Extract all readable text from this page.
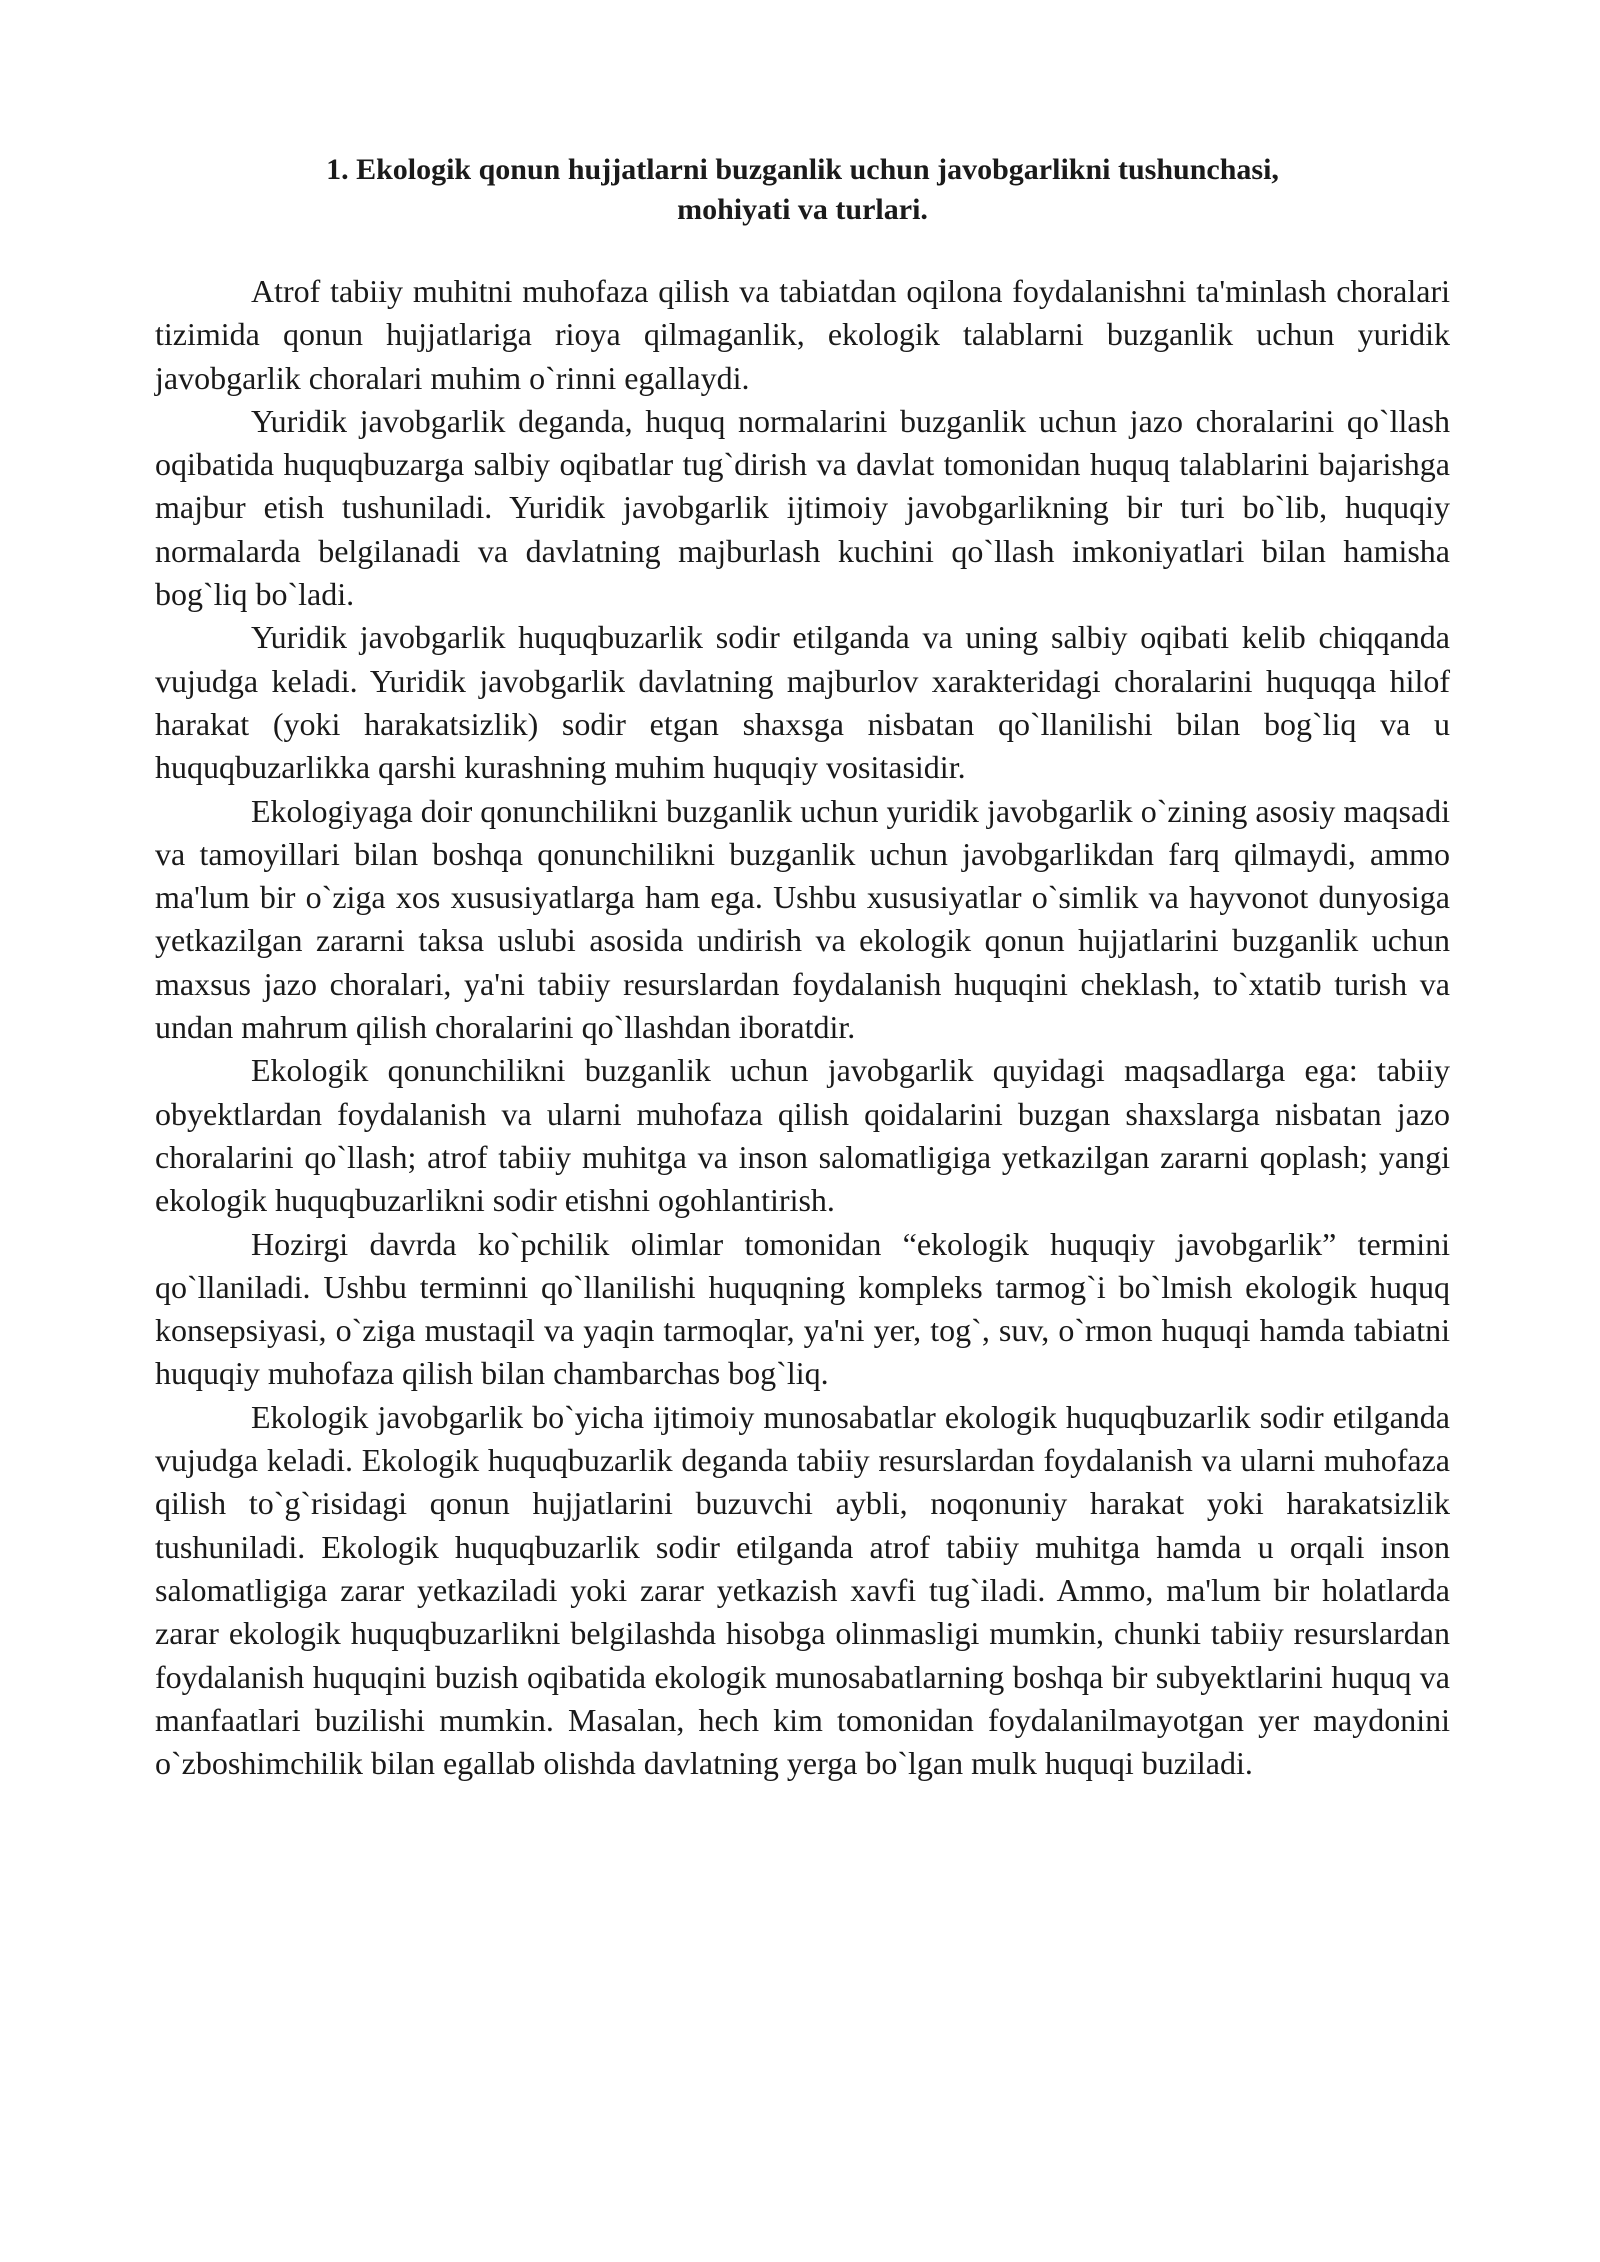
1. Ekologik qonun hujjatlarni buzganlik uchun javobgarlikni tushunchasi,
mohiyati va turlari.

Atrof tabiiy muhitni muhofaza qilish va tabiatdan oqilona foydalanishni ta'minlash choralari tizimida qonun hujjatlariga rioya qilmaganlik, ekologik talablarni buzganlik uchun yuridik javobgarlik choralari muhim o`rinni egallaydi.

Yuridik javobgarlik deganda, huquq normalarini buzganlik uchun jazo choralarini qo`llash oqibatida huquqbuzarga salbiy oqibatlar tug`dirish va davlat tomonidan huquq talablarini bajarishga majbur etish tushuniladi. Yuridik javobgarlik ijtimoiy javobgarlikning bir turi bo`lib, huquqiy normalarda belgilanadi va davlatning majburlash kuchini qo`llash imkoniyatlari bilan hamisha bog`liq bo`ladi.

Yuridik javobgarlik huquqbuzarlik sodir etilganda va uning salbiy oqibati kelib chiqqanda vujudga keladi. Yuridik javobgarlik davlatning majburlov xarakteridagi choralarini huquqqa hilof harakat (yoki harakatsizlik) sodir etgan shaxsga nisbatan qo`llanilishi bilan bog`liq va u huquqbuzarlikka qarshi kurashning muhim huquqiy vositasidir.

Ekologiyaga doir qonunchilikni buzganlik uchun yuridik javobgarlik o`zining asosiy maqsadi va tamoyillari bilan boshqa qonunchilikni buzganlik uchun javobgarlikdan farq qilmaydi, ammo ma'lum bir o`ziga xos xususiyatlarga ham ega. Ushbu xususiyatlar o`simlik va hayvonot dunyosiga yetkazilgan zararni taksa uslubi asosida undirish va ekologik qonun hujjatlarini buzganlik uchun maxsus jazo choralari, ya'ni tabiiy resurslardan foydalanish huquqini cheklash, to`xtatib turish va undan mahrum qilish choralarini qo`llashdan iboratdir.

Ekologik qonunchilikni buzganlik uchun javobgarlik quyidagi maqsadlarga ega: tabiiy obyektlardan foydalanish va ularni muhofaza qilish qoidalarini buzgan shaxslarga nisbatan jazo choralarini qo`llash; atrof tabiiy muhitga va inson salomatligiga yetkazilgan zararni qoplash; yangi ekologik huquqbuzarlikni sodir etishni ogohlantirish.

Hozirgi davrda ko`pchilik olimlar tomonidan “ekologik huquqiy javobgarlik” termini qo`llaniladi. Ushbu terminni qo`llanilishi huquqning kompleks tarmog`i bo`lmish ekologik huquq konsepsiyasi, o`ziga mustaqil va yaqin tarmoqlar, ya'ni yer, tog`, suv, o`rmon huquqi hamda tabiatni huquqiy muhofaza qilish bilan chambarchas bog`liq.

Ekologik javobgarlik bo`yicha ijtimoiy munosabatlar ekologik huquqbuzarlik sodir etilganda vujudga keladi. Ekologik huquqbuzarlik deganda tabiiy resurslardan foydalanish va ularni muhofaza qilish to`g`risidagi qonun hujjatlarini buzuvchi aybli, noqonuniy harakat yoki harakatsizlik tushuniladi. Ekologik huquqbuzarlik sodir etilganda atrof tabiiy muhitga hamda u orqali inson salomatligiga zarar yetkaziladi yoki zarar yetkazish xavfi tug`iladi. Ammo, ma'lum bir holatlarda zarar ekologik huquqbuzarlikni belgilashda hisobga olinmasligi mumkin, chunki tabiiy resurslardan foydalanish huquqini buzish oqibatida ekologik munosabatlarning boshqa bir subyektlarini huquq va manfaatlari buzilishi mumkin. Masalan, hech kim tomonidan foydalanilmayotgan yer maydonini o`zboshimchilik bilan egallab olishda davlatning yerga bo`lgan mulk huquqi buziladi.
